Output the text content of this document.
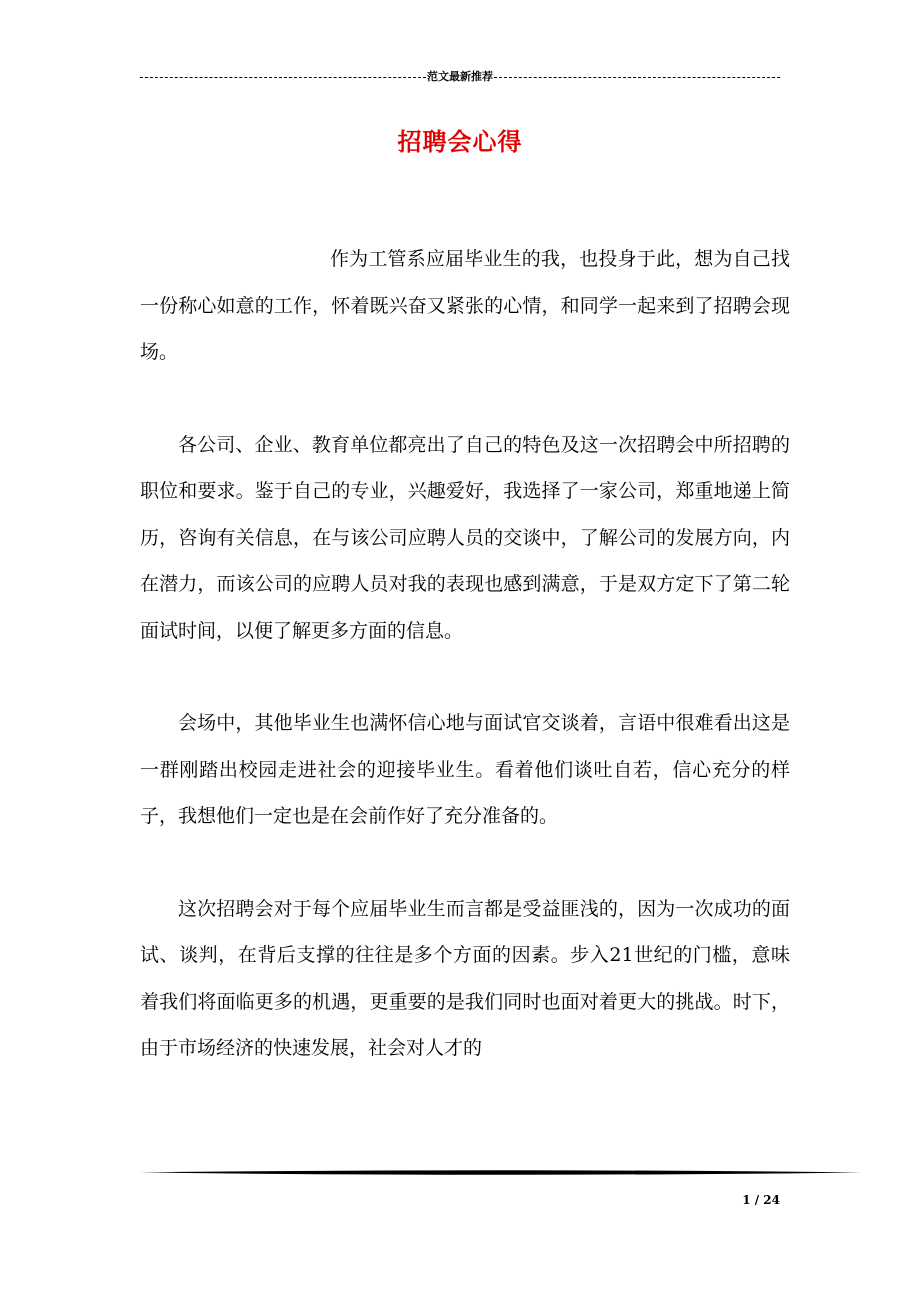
范文最新推荐
招聘会心得

作为工管系应届毕业生的我，也投身于此，想为自己找一份称心如意的工作，怀着既兴奋又紧张的心情，和同学一起来到了招聘会现场。

各公司、企业、教育单位都亮出了自己的特色及这一次招聘会中所招聘的职位和要求。鉴于自己的专业，兴趣爱好，我选择了一家公司，郑重地递上简历，咨询有关信息，在与该公司应聘人员的交谈中，了解公司的发展方向，内在潜力，而该公司的应聘人员对我的表现也感到满意，于是双方定下了第二轮面试时间，以便了解更多方面的信息。

会场中，其他毕业生也满怀信心地与面试官交谈着，言语中很难看出这是一群刚踏出校园走进社会的迎接毕业生。看着他们谈吐自若，信心充分的样子，我想他们一定也是在会前作好了充分准备的。

这次招聘会对于每个应届毕业生而言都是受益匪浅的，因为一次成功的面试、谈判，在背后支撑的往往是多个方面的因素。步入21世纪的门槛，意味着我们将面临更多的机遇，更重要的是我们同时也面对着更大的挑战。时下，由于市场经济的快速发展，社会对人才的

1 / 24
